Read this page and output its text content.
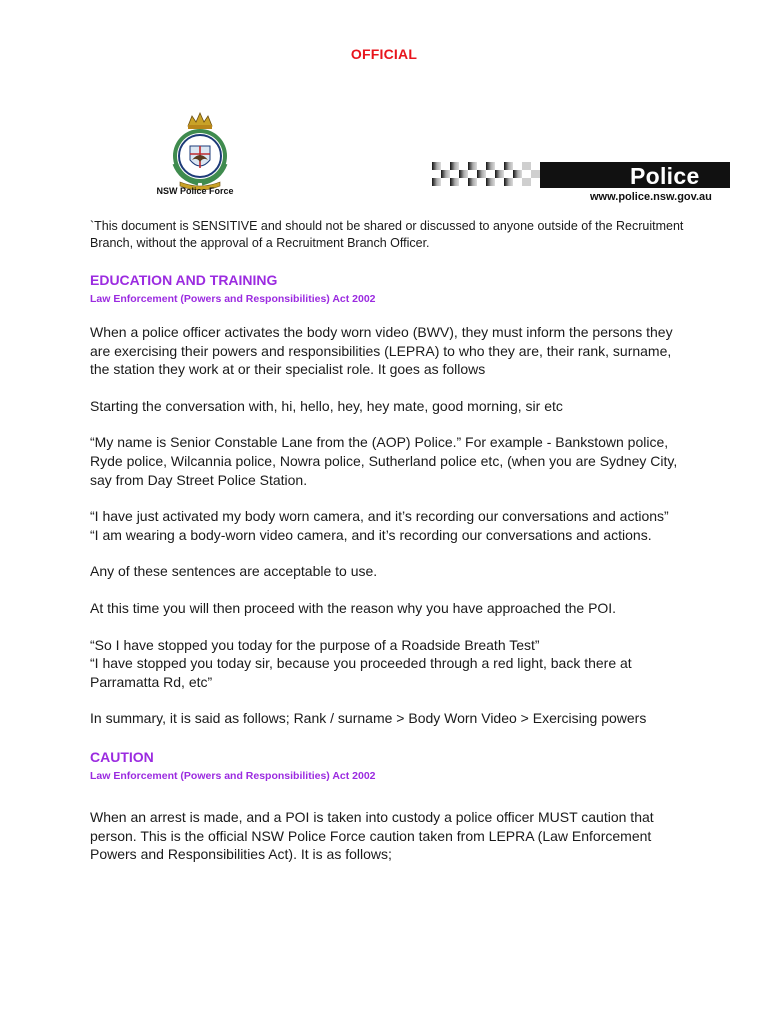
OFFICIAL
NSW Police Force
Police
www.police.nsw.gov.au

`This document is SENSITIVE and should not be shared or discussed to anyone outside of the Recruitment Branch, without the approval of a Recruitment Branch Officer.

EDUCATION AND TRAINING

Law Enforcement (Powers and Responsibilities) Act 2002

When a police officer activates the body worn video (BWV), they must inform the persons they are exercising their powers and responsibilities (LEPRA) to who they are, their rank, surname, the station they work at or their specialist role. It goes as follows

Starting the conversation with, hi, hello, hey, hey mate, good morning, sir etc

“My name is Senior Constable Lane from the (AOP) Police.” For example - Bankstown police, Ryde police, Wilcannia police, Nowra police, Sutherland police etc, (when you are Sydney City, say from Day Street Police Station.

“I have just activated my body worn camera, and it’s recording our conversations and actions”

“I am wearing a body-worn video camera, and it’s recording our conversations and actions.

Any of these sentences are acceptable to use.

At this time you will then proceed with the reason why you have approached the POI.

“So I have stopped you today for the purpose of a Roadside Breath Test”

“I have stopped you today sir, because you proceeded through a red light, back there at Parramatta Rd, etc”

In summary, it is said as follows; Rank / surname > Body Worn Video > Exercising powers

CAUTION

Law Enforcement (Powers and Responsibilities) Act 2002

When an arrest is made, and a POI is taken into custody a police officer MUST caution that person. This is the official NSW Police Force caution taken from LEPRA (Law Enforcement Powers and Responsibilities Act). It is as follows;
